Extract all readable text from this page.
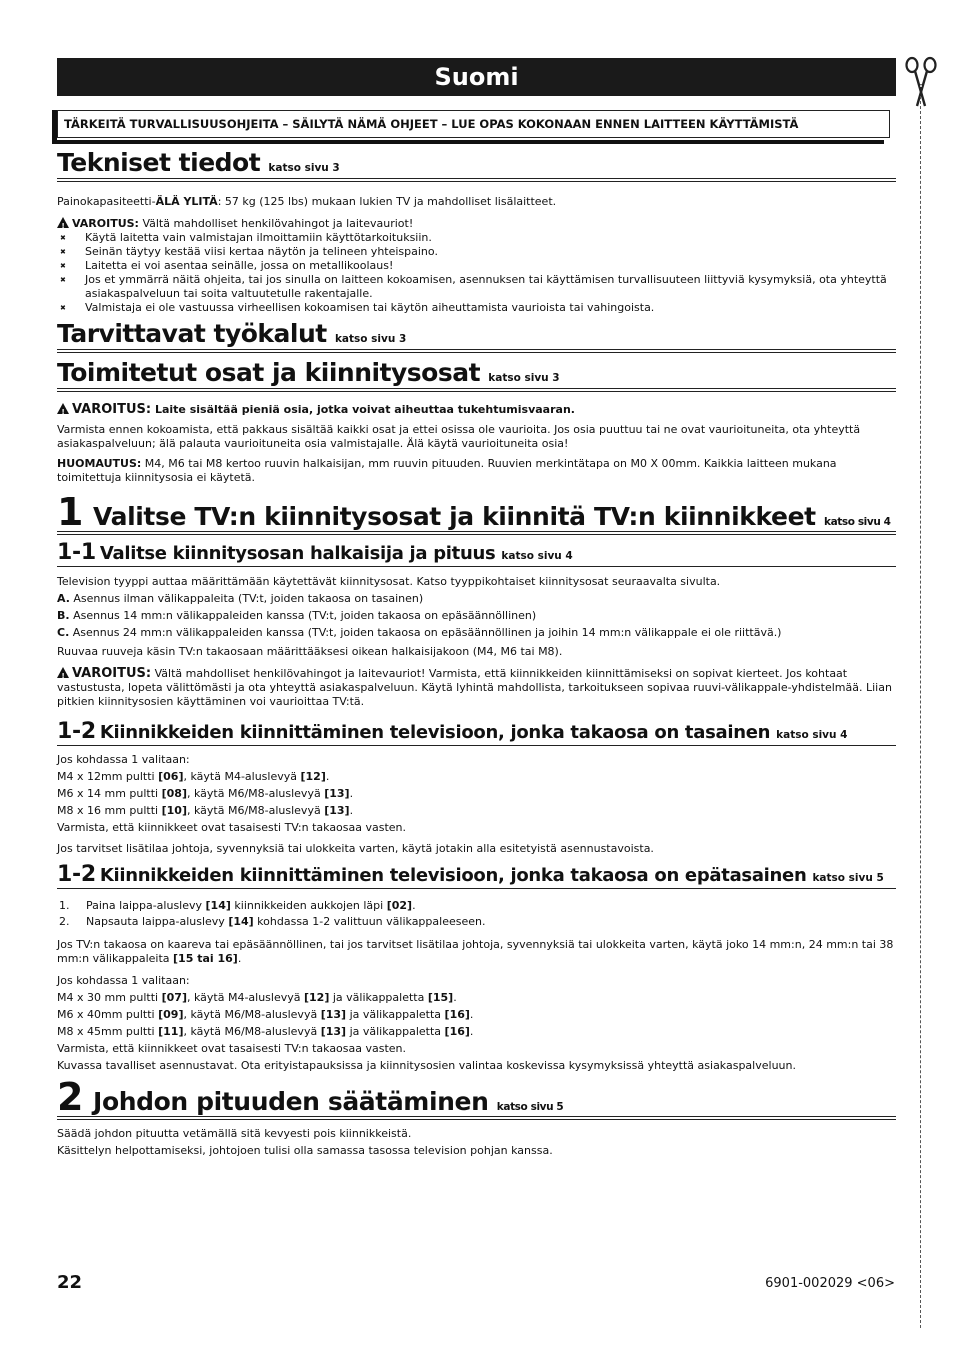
Suomi
TÄRKEITÄ TURVALLISUUSOHJEITA – SÄILYTÄ NÄMÄ OHJEET – LUE OPAS KOKONAAN ENNEN LAITTEEN KÄYTTÄMISTÄ
Tekniset tiedot katso sivu 3

Painokapasiteetti-ÄLÄ YLITÄ: 57 kg (125 lbs) mukaan lukien TV ja mahdolliset lisälaitteet.

!VAROITUS: Vältä mahdolliset henkilövahingot ja laitevauriot!

✖ Käytä laitetta vain valmistajan ilmoittamiin käyttötarkoituksiin.
✖ Seinän täytyy kestää viisi kertaa näytön ja telineen yhteispaino.
✖ Laitetta ei voi asentaa seinälle, jossa on metallikoolaus!
✖ Jos et ymmärrä näitä ohjeita, tai jos sinulla on laitteen kokoamisen, asennuksen tai käyttämisen turvallisuuteen liittyviä kysymyksiä, ota yhteyttä asiakaspalveluun tai soita valtuutetulle rakentajalle.
✖ Valmistaja ei ole vastuussa virheellisen kokoamisen tai käytön aiheuttamista vaurioista tai vahingoista.
Tarvittavat työkalut katso sivu 3
Toimitetut osat ja kiinnitysosat katso sivu 3

!VAROITUS: Laite sisältää pieniä osia, jotka voivat aiheuttaa tukehtumisvaaran.

Varmista ennen kokoamista, että pakkaus sisältää kaikki osat ja ettei osissa ole vaurioita. Jos osia puuttuu tai ne ovat vaurioituneita, ota yhteyttä asiakaspalveluun; älä palauta vaurioituneita osia valmistajalle. Älä käytä vaurioituneita osia!

HUOMAUTUS: M4, M6 tai M8 kertoo ruuvin halkaisijan, mm ruuvin pituuden. Ruuvien merkintätapa on M0 X 00mm. Kaikkia laitteen mukana toimitettuja kiinnitysosia ei käytetä.

1 Valitse TV:n kiinnitysosat ja kiinnitä TV:n kiinnikkeet katso sivu 4
1-1 Valitse kiinnitysosan halkaisija ja pituus katso sivu 4

Television tyyppi auttaa määrittämään käytettävät kiinnitysosat. Katso tyyppikohtaiset kiinnitysosat seuraavalta sivulta.

A. Asennus ilman välikappaleita (TV:t, joiden takaosa on tasainen)

B. Asennus 14 mm:n välikappaleiden kanssa (TV:t, joiden takaosa on epäsäännöllinen)

C. Asennus 24 mm:n välikappaleiden kanssa (TV:t, joiden takaosa on epäsäännöllinen ja joihin 14 mm:n välikappale ei ole riittävä.)

Ruuvaa ruuveja käsin TV:n takaosaan määrittääksesi oikean halkaisijakoon (M4, M6 tai M8).

!VAROITUS: Vältä mahdolliset henkilövahingot ja laitevauriot! Varmista, että kiinnikkeiden kiinnittämiseksi on sopivat kierteet. Jos kohtaat vastustusta, lopeta välittömästi ja ota yhteyttä asiakaspalveluun. Käytä lyhintä mahdollista, tarkoitukseen sopivaa ruuvi-välikappale-yhdistelmää. Liian pitkien kiinnitysosien käyttäminen voi vaurioittaa TV:tä.

1-2 Kiinnikkeiden kiinnittäminen televisioon, jonka takaosa on tasainen katso sivu 4

Jos kohdassa 1 valitaan:

M4 x 12mm pultti [06], käytä M4-aluslevyä [12].

M6 x 14 mm pultti [08], käytä M6/M8-aluslevyä [13].

M8 x 16 mm pultti [10], käytä M6/M8-aluslevyä [13].

Varmista, että kiinnikkeet ovat tasaisesti TV:n takaosaa vasten.

Jos tarvitset lisätilaa johtoja, syvennyksiä tai ulokkeita varten, käytä jotakin alla esitetyistä asennustavoista.

1-2 Kiinnikkeiden kiinnittäminen televisioon, jonka takaosa on epätasainen katso sivu 5
1. Paina laippa-aluslevy [14] kiinnikkeiden aukkojen läpi [02].
2. Napsauta laippa-aluslevy [14] kohdassa 1-2 valittuun välikappaleeseen.

Jos TV:n takaosa on kaareva tai epäsäännöllinen, tai jos tarvitset lisätilaa johtoja, syvennyksiä tai ulokkeita varten, käytä joko 14 mm:n, 24 mm:n tai 38 mm:n välikappaleita [15 tai 16].

Jos kohdassa 1 valitaan:

M4 x 30 mm pultti [07], käytä M4-aluslevyä [12] ja välikappaletta [15].

M6 x 40mm pultti [09], käytä M6/M8-aluslevyä [13] ja välikappaletta [16].

M8 x 45mm pultti [11], käytä M6/M8-aluslevyä [13] ja välikappaletta [16].

Varmista, että kiinnikkeet ovat tasaisesti TV:n takaosaa vasten.

Kuvassa tavalliset asennustavat. Ota erityistapauksissa ja kiinnitysosien valintaa koskevissa kysymyksissä yhteyttä asiakaspalveluun.

2 Johdon pituuden säätäminen katso sivu 5

Säädä johdon pituutta vetämällä sitä kevyesti pois kiinnikkeistä.

Käsittelyn helpottamiseksi, johtojoen tulisi olla samassa tasossa television pohjan kanssa.

22	6901-002029 <06>
